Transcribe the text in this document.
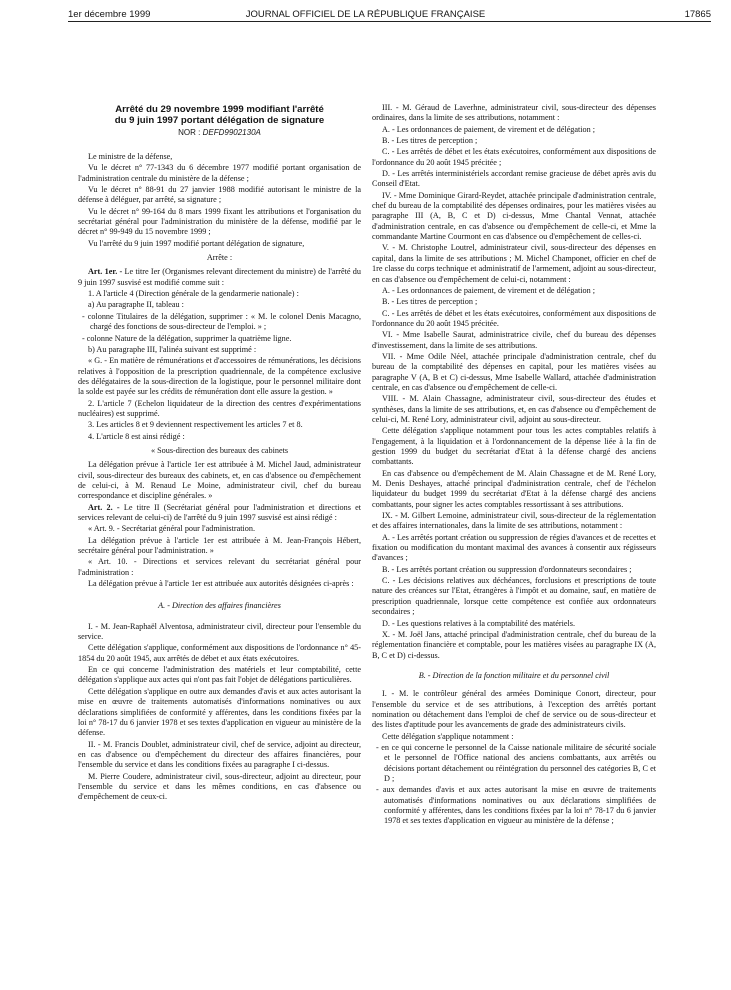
1er décembre 1999	JOURNAL OFFICIEL DE LA RÉPUBLIQUE FRANÇAISE	17865
Arrêté du 29 novembre 1999 modifiant l'arrêté
du 9 juin 1997 portant délégation de signature
NOR : DEFD9902130A

Le ministre de la défense,

Vu le décret n° 77-1343 du 6 décembre 1977 modifié portant organisation de l'administration centrale du ministère de la défense ;

Vu le décret n° 88-91 du 27 janvier 1988 modifié autorisant le ministre de la défense à déléguer, par arrêté, sa signature ;

Vu le décret n° 99-164 du 8 mars 1999 fixant les attributions et l'organisation du secrétariat général pour l'administration du ministère de la défense, modifié par le décret n° 99-949 du 15 novembre 1999 ;

Vu l'arrêté du 9 juin 1997 modifié portant délégation de signature,

Arrête :

Art. 1er. - Le titre Ier (Organismes relevant directement du ministre) de l'arrêté du 9 juin 1997 susvisé est modifié comme suit :

1. A l'article 4 (Direction générale de la gendarmerie nationale) :

a) Au paragraphe II, tableau :

- colonne Titulaires de la délégation, supprimer : « M. le colonel Denis Macagno, chargé des fonctions de sous-directeur de l'emploi. » ;

- colonne Nature de la délégation, supprimer la quatrième ligne.

b) Au paragraphe III, l'alinéa suivant est supprimé :

« G. - En matière de rémunérations et d'accessoires de rémunérations, les décisions relatives à l'opposition de la prescription quadriennale, de la compétence exclusive des délégataires de la sous-direction de la logistique, pour le personnel militaire dont la solde est payée sur les crédits de rémunération dont elle assure la gestion. »

2. L'article 7 (Echelon liquidateur de la direction des centres d'expérimentations nucléaires) est supprimé.

3. Les articles 8 et 9 deviennent respectivement les articles 7 et 8.

4. L'article 8 est ainsi rédigé :

« Sous-direction des bureaux des cabinets

La délégation prévue à l'article 1er est attribuée à M. Michel Jaud, administrateur civil, sous-directeur des bureaux des cabinets, et, en cas d'absence ou d'empêchement de celui-ci, à M. Renaud Le Moine, administrateur civil, chef du bureau correspondance et discipline générales. »

Art. 2. - Le titre II (Secrétariat général pour l'administration et directions et services relevant de celui-ci) de l'arrêté du 9 juin 1997 susvisé est ainsi rédigé :

« Art. 9. - Secrétariat général pour l'administration.

La délégation prévue à l'article 1er est attribuée à M. Jean-François Hébert, secrétaire général pour l'administration. »

« Art. 10. - Directions et services relevant du secrétariat général pour l'administration :

La délégation prévue à l'article 1er est attribuée aux autorités désignées ci-après :

A. - Direction des affaires financières

I. - M. Jean-Raphaël Alventosa, administrateur civil, directeur pour l'ensemble du service.

Cette délégation s'applique, conformément aux dispositions de l'ordonnance n° 45-1854 du 20 août 1945, aux arrêtés de débet et aux états exécutoires.

En ce qui concerne l'administration des matériels et leur comptabilité, cette délégation s'applique aux actes qui n'ont pas fait l'objet de délégations particulières.

Cette délégation s'applique en outre aux demandes d'avis et aux actes autorisant la mise en œuvre de traitements automatisés d'informations nominatives ou aux déclarations simplifiées de conformité y afférentes, dans les conditions fixées par la loi n° 78-17 du 6 janvier 1978 et ses textes d'application en vigueur au ministère de la défense.

II. - M. Francis Doublet, administrateur civil, chef de service, adjoint au directeur, en cas d'absence ou d'empêchement du directeur des affaires financières, pour l'ensemble du service et dans les conditions fixées au paragraphe I ci-dessus.

M. Pierre Coudere, administrateur civil, sous-directeur, adjoint au directeur, pour l'ensemble du service et dans les mêmes conditions, en cas d'absence ou d'empêchement de ceux-ci.

III. - M. Géraud de Laverhne, administrateur civil, sous-directeur des dépenses ordinaires, dans la limite de ses attributions, notamment :

A. - Les ordonnances de paiement, de virement et de délégation ;

B. - Les titres de perception ;

C. - Les arrêtés de débet et les états exécutoires, conformément aux dispositions de l'ordonnance du 20 août 1945 précitée ;

D. - Les arrêtés interministériels accordant remise gracieuse de débet après avis du Conseil d'Etat.

IV. - Mme Dominique Girard-Reydet, attachée principale d'administration centrale, chef du bureau de la comptabilité des dépenses ordinaires, pour les matières visées au paragraphe III (A, B, C et D) ci-dessus, Mme Chantal Vennat, attachée d'administration centrale, en cas d'absence ou d'empêchement de celle-ci, et Mme la commandante Martine Courmont en cas d'absence ou d'empêchement de celles-ci.

V. - M. Christophe Loutrel, administrateur civil, sous-directeur des dépenses en capital, dans la limite de ses attributions ; M. Michel Champonet, officier en chef de 1re classe du corps technique et administratif de l'armement, adjoint au sous-directeur, en cas d'absence ou d'empêchement de celui-ci, notamment :

A. - Les ordonnances de paiement, de virement et de délégation ;

B. - Les titres de perception ;

C. - Les arrêtés de débet et les états exécutoires, conformément aux dispositions de l'ordonnance du 20 août 1945 précitée.

VI. - Mme Isabelle Saurat, administratrice civile, chef du bureau des dépenses d'investissement, dans la limite de ses attributions.

VII. - Mme Odile Néel, attachée principale d'administration centrale, chef du bureau de la comptabilité des dépenses en capital, pour les matières visées au paragraphe V (A, B et C) ci-dessus, Mme Isabelle Wallard, attachée d'administration centrale, en cas d'absence ou d'empêchement de celle-ci.

VIII. - M. Alain Chassagne, administrateur civil, sous-directeur des études et synthèses, dans la limite de ses attributions, et, en cas d'absence ou d'empêchement de celui-ci, M. René Lory, administrateur civil, adjoint au sous-directeur.

Cette délégation s'applique notamment pour tous les actes comptables relatifs à l'engagement, à la liquidation et à l'ordonnancement de la dépense liée à la fin de gestion 1999 du budget du secrétariat d'Etat à la défense chargé des anciens combattants.

En cas d'absence ou d'empêchement de M. Alain Chassagne et de M. René Lory, M. Denis Deshayes, attaché principal d'administration centrale, chef de l'échelon liquidateur du budget 1999 du secrétariat d'Etat à la défense chargé des anciens combattants, pour signer les actes comptables ressortissant à ses attributions.

IX. - M. Gilbert Lemoine, administrateur civil, sous-directeur de la réglementation et des affaires internationales, dans la limite de ses attributions, notamment :

A. - Les arrêtés portant création ou suppression de régies d'avances et de recettes et fixation ou modification du montant maximal des avances à consentir aux régisseurs d'avances ;

B. - Les arrêtés portant création ou suppression d'ordonnateurs secondaires ;

C. - Les décisions relatives aux déchéances, forclusions et prescriptions de toute nature des créances sur l'Etat, étrangères à l'impôt et au domaine, sauf, en matière de prescription quadriennale, lorsque cette compétence est confiée aux ordonnateurs secondaires ;

D. - Les questions relatives à la comptabilité des matériels.

X. - M. Joël Jans, attaché principal d'administration centrale, chef du bureau de la réglementation financière et comptable, pour les matières visées au paragraphe IX (A, B, C et D) ci-dessus.

B. - Direction de la fonction militaire et du personnel civil

I. - M. le contrôleur général des armées Dominique Conort, directeur, pour l'ensemble du service et de ses attributions, à l'exception des arrêtés portant nomination ou détachement dans l'emploi de chef de service ou de sous-directeur et des listes d'aptitude pour les avancements de grade des administrateurs civils.

Cette délégation s'applique notamment :

- en ce qui concerne le personnel de la Caisse nationale militaire de sécurité sociale et le personnel de l'Office national des anciens combattants, aux arrêtés ou décisions portant détachement ou réintégration du personnel des catégories B, C et D ;

- aux demandes d'avis et aux actes autorisant la mise en œuvre de traitements automatisés d'informations nominatives ou aux déclarations simplifiées de conformité y afférentes, dans les conditions fixées par la loi n° 78-17 du 6 janvier 1978 et ses textes d'application en vigueur au ministère de la défense ;
